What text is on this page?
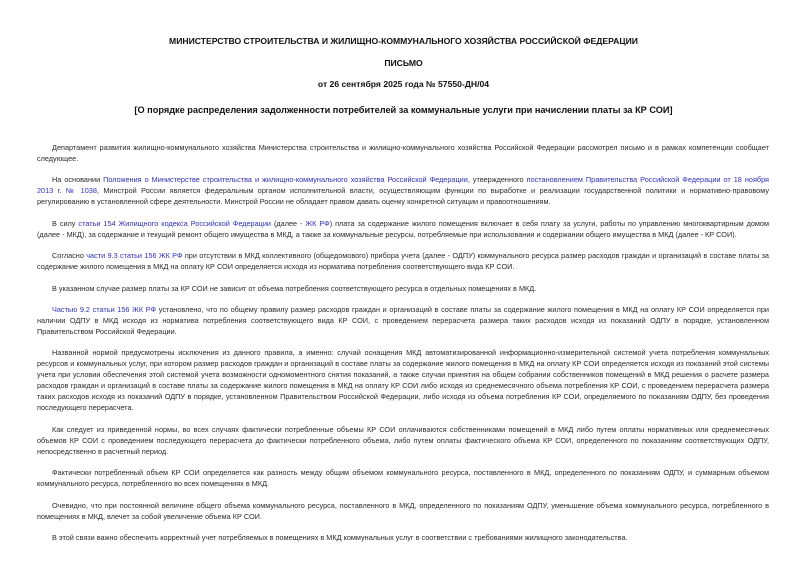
МИНИСТЕРСТВО СТРОИТЕЛЬСТВА И ЖИЛИЩНО-КОММУНАЛЬНОГО ХОЗЯЙСТВА РОССИЙСКОЙ ФЕДЕРАЦИИ
ПИСЬМО
от 26 сентября 2025 года № 57550-ДН/04
[О порядке распределения задолженности потребителей за коммунальные услуги при начислении платы за КР СОИ]

Департамент развития жилищно-коммунального хозяйства Министерства строительства и жилищно-коммунального хозяйства Российской Федерации рассмотрел письмо и в рамках компетенции сообщает следующее.

На основании Положения о Министерстве строительства и жилищно-коммунального хозяйства Российской Федерации, утвержденного постановлением Правительства Российской Федерации от 18 ноября 2013 г. № 1038, Минстрой России является федеральным органом исполнительной власти, осуществляющим функции по выработке и реализации государственной политики и нормативно-правовому регулированию в установленной сфере деятельности. Минстрой России не обладает правом давать оценку конкретной ситуации и правоотношениям.

В силу статьи 154 Жилищного кодекса Российской Федерации (далее - ЖК РФ) плата за содержание жилого помещения включает в себя плату за услуги, работы по управлению многоквартирным домом (далее - МКД), за содержание и текущий ремонт общего имущества в МКД, а также за коммунальные ресурсы, потребляемые при использовании и содержании общего имущества в МКД (далее - КР СОИ).

Согласно части 9.3 статьи 156 ЖК РФ при отсутствии в МКД коллективного (общедомового) прибора учета (далее - ОДПУ) коммунального ресурса размер расходов граждан и организаций в составе платы за содержание жилого помещения в МКД на оплату КР СОИ определяется исходя из норматива потребления соответствующего вида КР СОИ.

В указанном случае размер платы за КР СОИ не зависит от объема потребления соответствующего ресурса в отдельных помещениях в МКД.

Частью 9.2 статьи 156 ЖК РФ установлено, что по общему правилу размер расходов граждан и организаций в составе платы за содержание жилого помещения в МКД на оплату КР СОИ определяется при наличии ОДПУ в МКД исходя из норматива потребления соответствующего вида КР СОИ, с проведением перерасчета размера таких расходов исходя из показаний ОДПУ в порядке, установленном Правительством Российской Федерации.

Названной нормой предусмотрены исключения из данного правила, а именно: случай оснащения МКД автоматизированной информационно-измерительной системой учета потребления коммунальных ресурсов и коммунальных услуг, при котором размер расходов граждан и организаций в составе платы за содержание жилого помещения в МКД на оплату КР СОИ определяется исходя из показаний этой системы учета при условии обеспечения этой системой учета возможности одномоментного снятия показаний, а также случаи принятия на общем собрании собственников помещений в МКД решения о расчете размера расходов граждан и организаций в составе платы за содержание жилого помещения в МКД на оплату КР СОИ либо исходя из среднемесячного объема потребления КР СОИ, с проведением перерасчета размера таких расходов исходя из показаний ОДПУ в порядке, установленном Правительством Российской Федерации, либо исходя из объема потребления КР СОИ, определяемого по показаниям ОДПУ, без проведения последующего перерасчета.

Как следует из приведенной нормы, во всех случаях фактически потребленные объемы КР СОИ оплачиваются собственниками помещений в МКД либо путем оплаты нормативных или среднемесячных объемов КР СОИ с проведением последующего перерасчета до фактически потребленного объема, либо путем оплаты фактического объема КР СОИ, определенного по показаниям соответствующих ОДПУ, непосредственно в расчетный период.

Фактически потребленный объем КР СОИ определяется как разность между общим объемом коммунального ресурса, поставленного в МКД, определенного по показаниям ОДПУ, и суммарным объемом коммунального ресурса, потребленного во всех помещениях в МКД.

Очевидно, что при постоянной величине общего объема коммунального ресурса, поставленного в МКД, определенного по показаниям ОДПУ, уменьшение объема коммунального ресурса, потребленного в помещениях в МКД, влечет за собой увеличение объема КР СОИ.

В этой связи важно обеспечить корректный учет потребляемых в помещениях в МКД коммунальных услуг в соответствии с требованиями жилищного законодательства.
